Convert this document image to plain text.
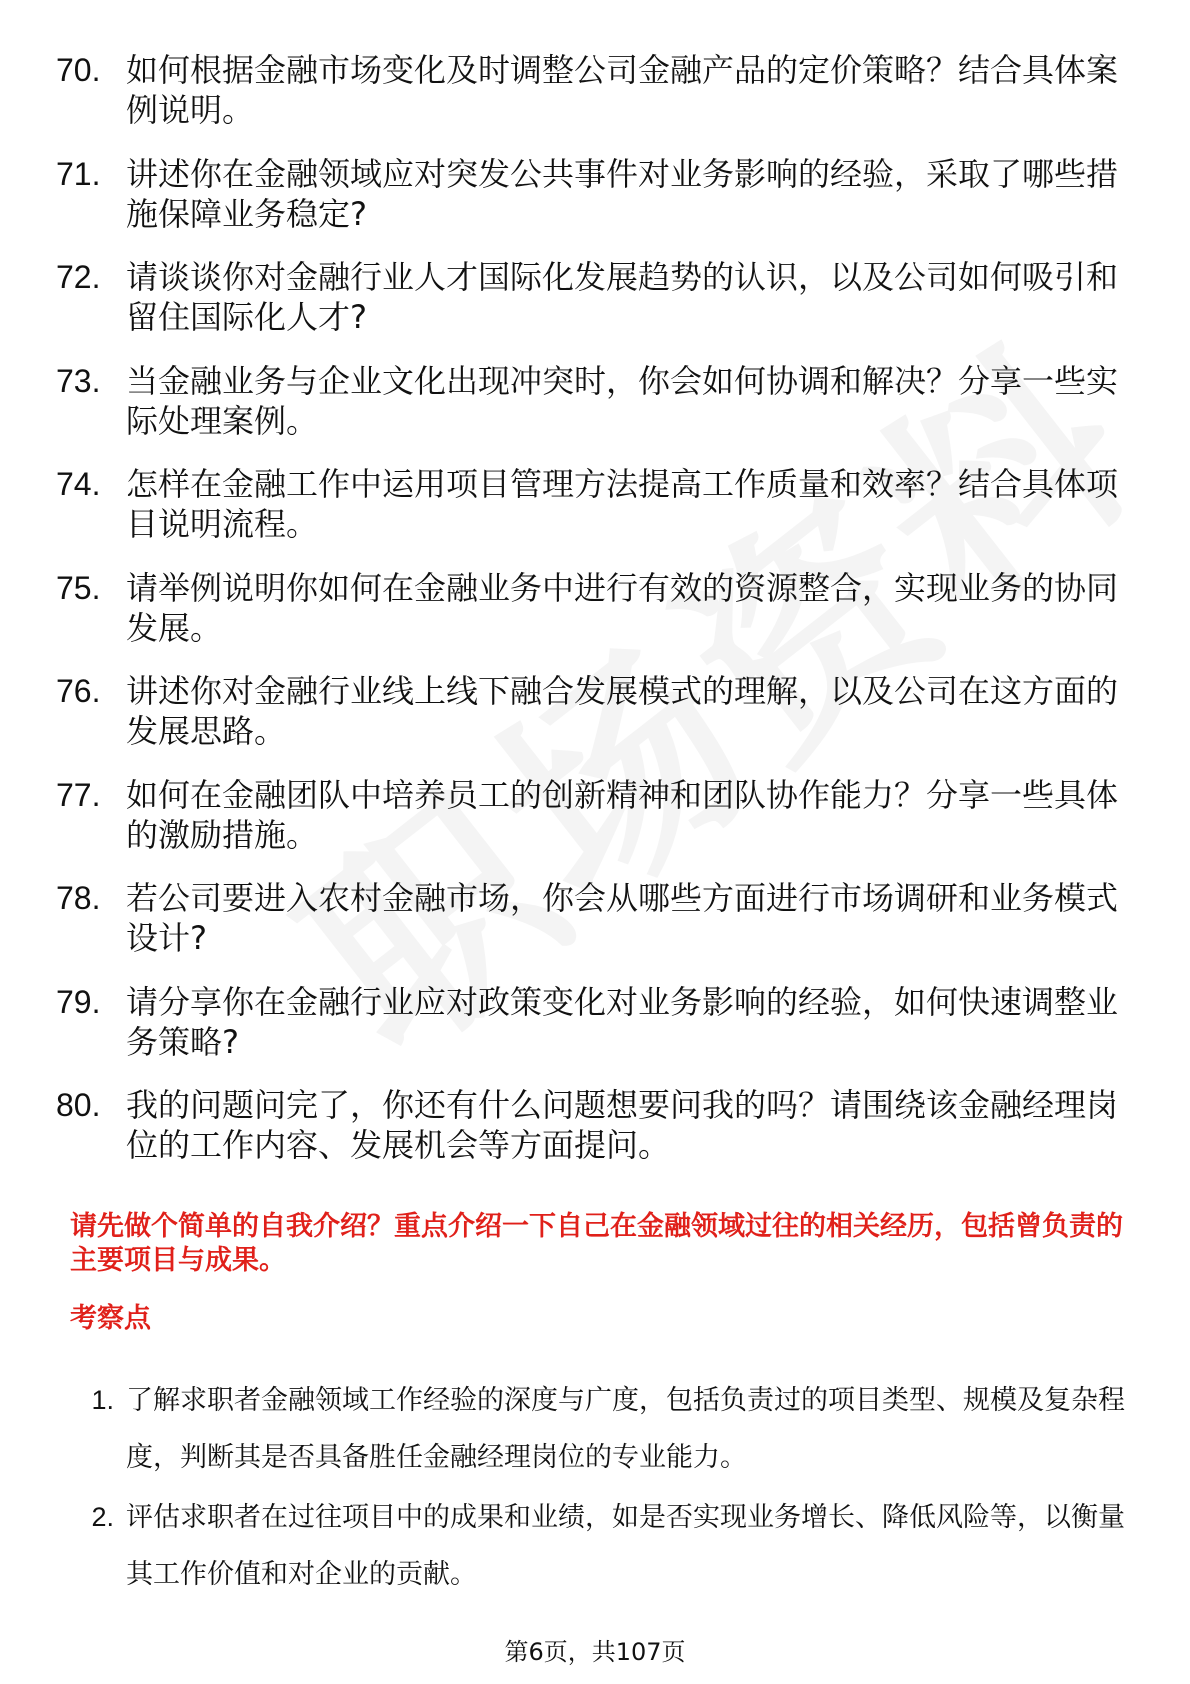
70. 如何根据金融市场变化及时调整公司金融产品的定价策略？结合具体案例说明。
71. 讲述你在金融领域应对突发公共事件对业务影响的经验，采取了哪些措施保障业务稳定?
72. 请谈谈你对金融行业人才国际化发展趋势的认识，以及公司如何吸引和留住国际化人才?
73. 当金融业务与企业文化出现冲突时，你会如何协调和解决？分享一些实际处理案例。
74. 怎样在金融工作中运用项目管理方法提高工作质量和效率？结合具体项目说明流程。
75. 请举例说明你如何在金融业务中进行有效的资源整合，实现业务的协同发展。
76. 讲述你对金融行业线上线下融合发展模式的理解，以及公司在这方面的发展思路。
77. 如何在金融团队中培养员工的创新精神和团队协作能力？分享一些具体的激励措施。
78. 若公司要进入农村金融市场，你会从哪些方面进行市场调研和业务模式设计?
79. 请分享你在金融行业应对政策变化对业务影响的经验，如何快速调整业务策略?
80. 我的问题问完了，你还有什么问题想要问我的吗？请围绕该金融经理岗位的工作内容、发展机会等方面提问。
请先做个简单的自我介绍？重点介绍一下自己在金融领域过往的相关经历，包括曾负责的主要项目与成果。
考察点
1. 了解求职者金融领域工作经验的深度与广度，包括负责过的项目类型、规模及复杂程度，判断其是否具备胜任金融经理岗位的专业能力。
2. 评估求职者在过往项目中的成果和业绩，如是否实现业务增长、降低风险等，以衡量其工作价值和对企业的贡献。
第6页，共107页
